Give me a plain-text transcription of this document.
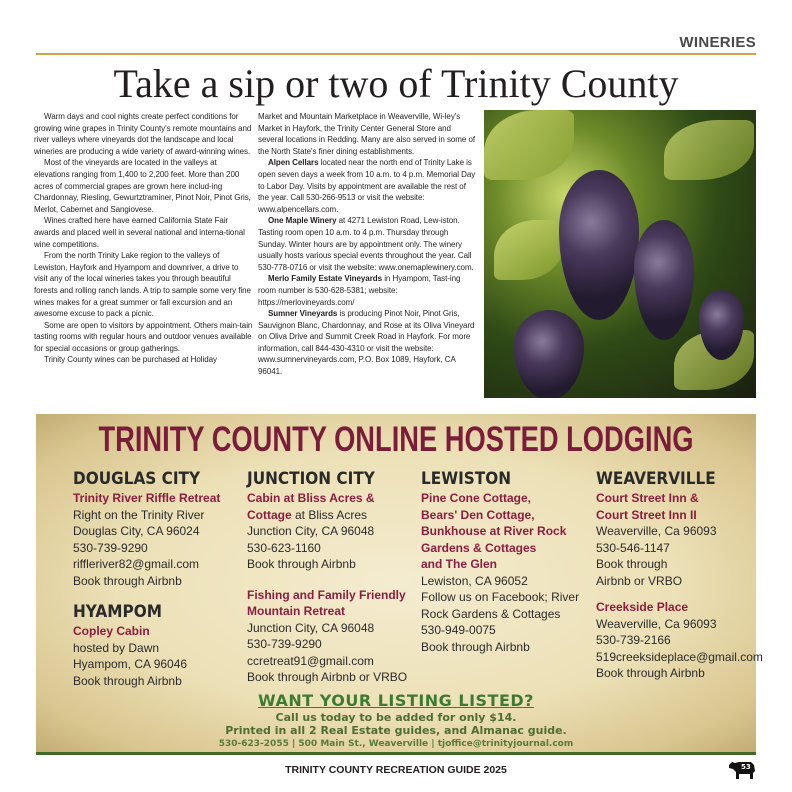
WINERIES
Take a sip or two of Trinity County

Warm days and cool nights create perfect conditions for growing wine grapes in Trinity County's remote mountains and river valleys where vineyards dot the landscape and local wineries are producing a wide variety of award-winning wines.

Most of the vineyards are located in the valleys at elevations ranging from 1,400 to 2,200 feet. More than 200 acres of commercial grapes are grown here includ-ing Chardonnay, Riesling, Gewurtztraminer, Pinot Noir, Pinot Gris, Merlot, Cabernet and Sangiovese.

Wines crafted here have earned California State Fair awards and placed well in several national and interna-tional wine competitions.

From the north Trinity Lake region to the valleys of Lewiston, Hayfork and Hyampom and downriver, a drive to visit any of the local wineries takes you through beautiful forests and rolling ranch lands. A trip to sample some very fine wines makes for a great summer or fall excursion and an awesome excuse to pack a picnic.

Some are open to visitors by appointment. Others main-tain tasting rooms with regular hours and outdoor venues available for special occasions or group gatherings.

Trinity County wines can be purchased at Holiday

Market and Mountain Marketplace in Weaverville, Wi-ley's Market in Hayfork, the Trinity Center General Store and several locations in Redding. Many are also served in some of the North State's finer dining establishments.

Alpen Cellars located near the north end of Trinity Lake is open seven days a week from 10 a.m. to 4 p.m. Memorial Day to Labor Day. Visits by appointment are available the rest of the year. Call 530-266-9513 or visit the website: www.alpencellars.com.

One Maple Winery at 4271 Lewiston Road, Lew-iston. Tasting room open 10 a.m. to 4 p.m. Thursday through Sunday. Winter hours are by appointment only. The winery usually hosts various special events throughout the year. Call 530-778-0716 or visit the website: www.onemaplewinery.com.

Merlo Family Estate Vineyards in Hyampom, Tast-ing room number is 530-628-5381; website: https://merlovineyards.com/

Sumner Vineyards is producing Pinot Noir, Pinot Gris, Sauvignon Blanc, Chardonnay, and Rose at its Oliva Vineyard on Oliva Drive and Summit Creek Road in Hayfork. For more information, call 844-430-4310 or visit the website: www.sumnervineyards.com, P.O. Box 1089, Hayfork, CA 96041.

TRINITY COUNTY ONLINE HOSTED LODGING
DOUGLAS CITY
Trinity River Riffle Retreat
Right on the Trinity River
Douglas City, CA 96024
530-739-9290
riffleriver82@gmail.com
Book through Airbnb
HYAMPOM
Copley Cabin
hosted by Dawn
Hyampom, CA 96046
Book through Airbnb
JUNCTION CITY
Cabin at Bliss Acres &
Cottage at Bliss Acres
Junction City, CA 96048
530-623-1160
Book through Airbnb
Fishing and Family Friendly
Mountain Retreat
Junction City, CA 96048
530-739-9290
ccretreat91@gmail.com
Book through Airbnb or VRBO
LEWISTON
Pine Cone Cottage,
Bears' Den Cottage,
Bunkhouse at River Rock
Gardens & Cottages
and The Glen
Lewiston, CA 96052
Follow us on Facebook; River
Rock Gardens & Cottages
530-949-0075
Book through Airbnb
WEAVERVILLE
Court Street Inn &
Court Street Inn II
Weaverville, Ca 96093
530-546-1147
Book through
Airbnb or VRBO
Creekside Place
Weaverville, Ca 96093
530-739-2166
519creeksideplace@gmail.com
Book through Airbnb
WANT YOUR LISTING LISTED?
Call us today to be added for only $14.
Printed in all 2 Real Estate guides, and Almanac guide.
530-623-2055 | 500 Main St., Weaverville | tjoffice@trinityjournal.com
TRINITY COUNTY RECREATION GUIDE 2025	53
